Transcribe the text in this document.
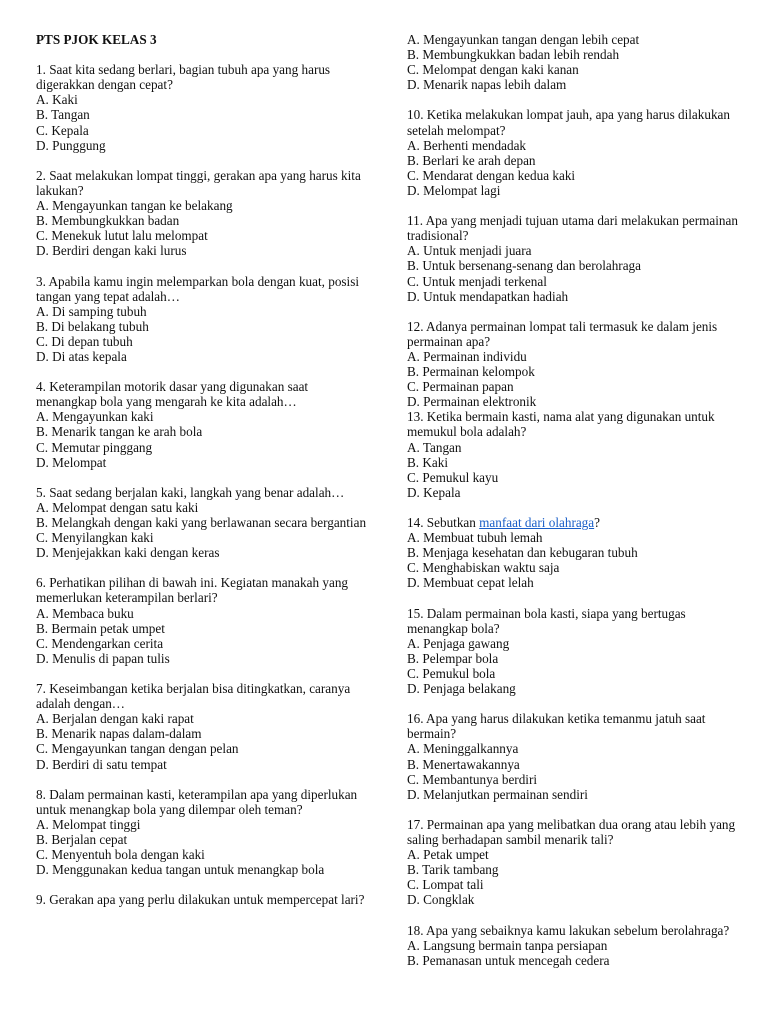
PTS PJOK KELAS 3
1. Saat kita sedang berlari, bagian tubuh apa yang harus digerakkan dengan cepat?
A. Kaki
B. Tangan
C. Kepala
D. Punggung
2. Saat melakukan lompat tinggi, gerakan apa yang harus kita lakukan?
A. Mengayunkan tangan ke belakang
B. Membungkukkan badan
C. Menekuk lutut lalu melompat
D. Berdiri dengan kaki lurus
3. Apabila kamu ingin melemparkan bola dengan kuat, posisi tangan yang tepat adalah…
A. Di samping tubuh
B. Di belakang tubuh
C. Di depan tubuh
D. Di atas kepala
4. Keterampilan motorik dasar yang digunakan saat menangkap bola yang mengarah ke kita adalah…
A. Mengayunkan kaki
B. Menarik tangan ke arah bola
C. Memutar pinggang
D. Melompat
5. Saat sedang berjalan kaki, langkah yang benar adalah…
A. Melompat dengan satu kaki
B. Melangkah dengan kaki yang berlawanan secara bergantian
C. Menyilangkan kaki
D. Menjejakkan kaki dengan keras
6. Perhatikan pilihan di bawah ini. Kegiatan manakah yang memerlukan keterampilan berlari?
A. Membaca buku
B. Bermain petak umpet
C. Mendengarkan cerita
D. Menulis di papan tulis
7. Keseimbangan ketika berjalan bisa ditingkatkan, caranya adalah dengan…
A. Berjalan dengan kaki rapat
B. Menarik napas dalam-dalam
C. Mengayunkan tangan dengan pelan
D. Berdiri di satu tempat
8. Dalam permainan kasti, keterampilan apa yang diperlukan untuk menangkap bola yang dilempar oleh teman?
A. Melompat tinggi
B. Berjalan cepat
C. Menyentuh bola dengan kaki
D. Menggunakan kedua tangan untuk menangkap bola
9. Gerakan apa yang perlu dilakukan untuk mempercepat lari?
A. Mengayunkan tangan dengan lebih cepat
B. Membungkukkan badan lebih rendah
C. Melompat dengan kaki kanan
D. Menarik napas lebih dalam
10. Ketika melakukan lompat jauh, apa yang harus dilakukan setelah melompat?
A. Berhenti mendadak
B. Berlari ke arah depan
C. Mendarat dengan kedua kaki
D. Melompat lagi
11. Apa yang menjadi tujuan utama dari melakukan permainan tradisional?
A. Untuk menjadi juara
B. Untuk bersenang-senang dan berolahraga
C. Untuk menjadi terkenal
D. Untuk mendapatkan hadiah
12. Adanya permainan lompat tali termasuk ke dalam jenis permainan apa?
A. Permainan individu
B. Permainan kelompok
C. Permainan papan
D. Permainan elektronik
13. Ketika bermain kasti, nama alat yang digunakan untuk memukul bola adalah?
A. Tangan
B. Kaki
C. Pemukul kayu
D. Kepala
14. Sebutkan manfaat dari olahraga?
A. Membuat tubuh lemah
B. Menjaga kesehatan dan kebugaran tubuh
C. Menghabiskan waktu saja
D. Membuat cepat lelah
15. Dalam permainan bola kasti, siapa yang bertugas menangkap bola?
A. Penjaga gawang
B. Pelempar bola
C. Pemukul bola
D. Penjaga belakang
16. Apa yang harus dilakukan ketika temanmu jatuh saat bermain?
A. Meninggalkannya
B. Menertawakannya
C. Membantunya berdiri
D. Melanjutkan permainan sendiri
17. Permainan apa yang melibatkan dua orang atau lebih yang saling berhadapan sambil menarik tali?
A. Petak umpet
B. Tarik tambang
C. Lompat tali
D. Congklak
18. Apa yang sebaiknya kamu lakukan sebelum berolahraga?
A. Langsung bermain tanpa persiapan
B. Pemanasan untuk mencegah cedera
